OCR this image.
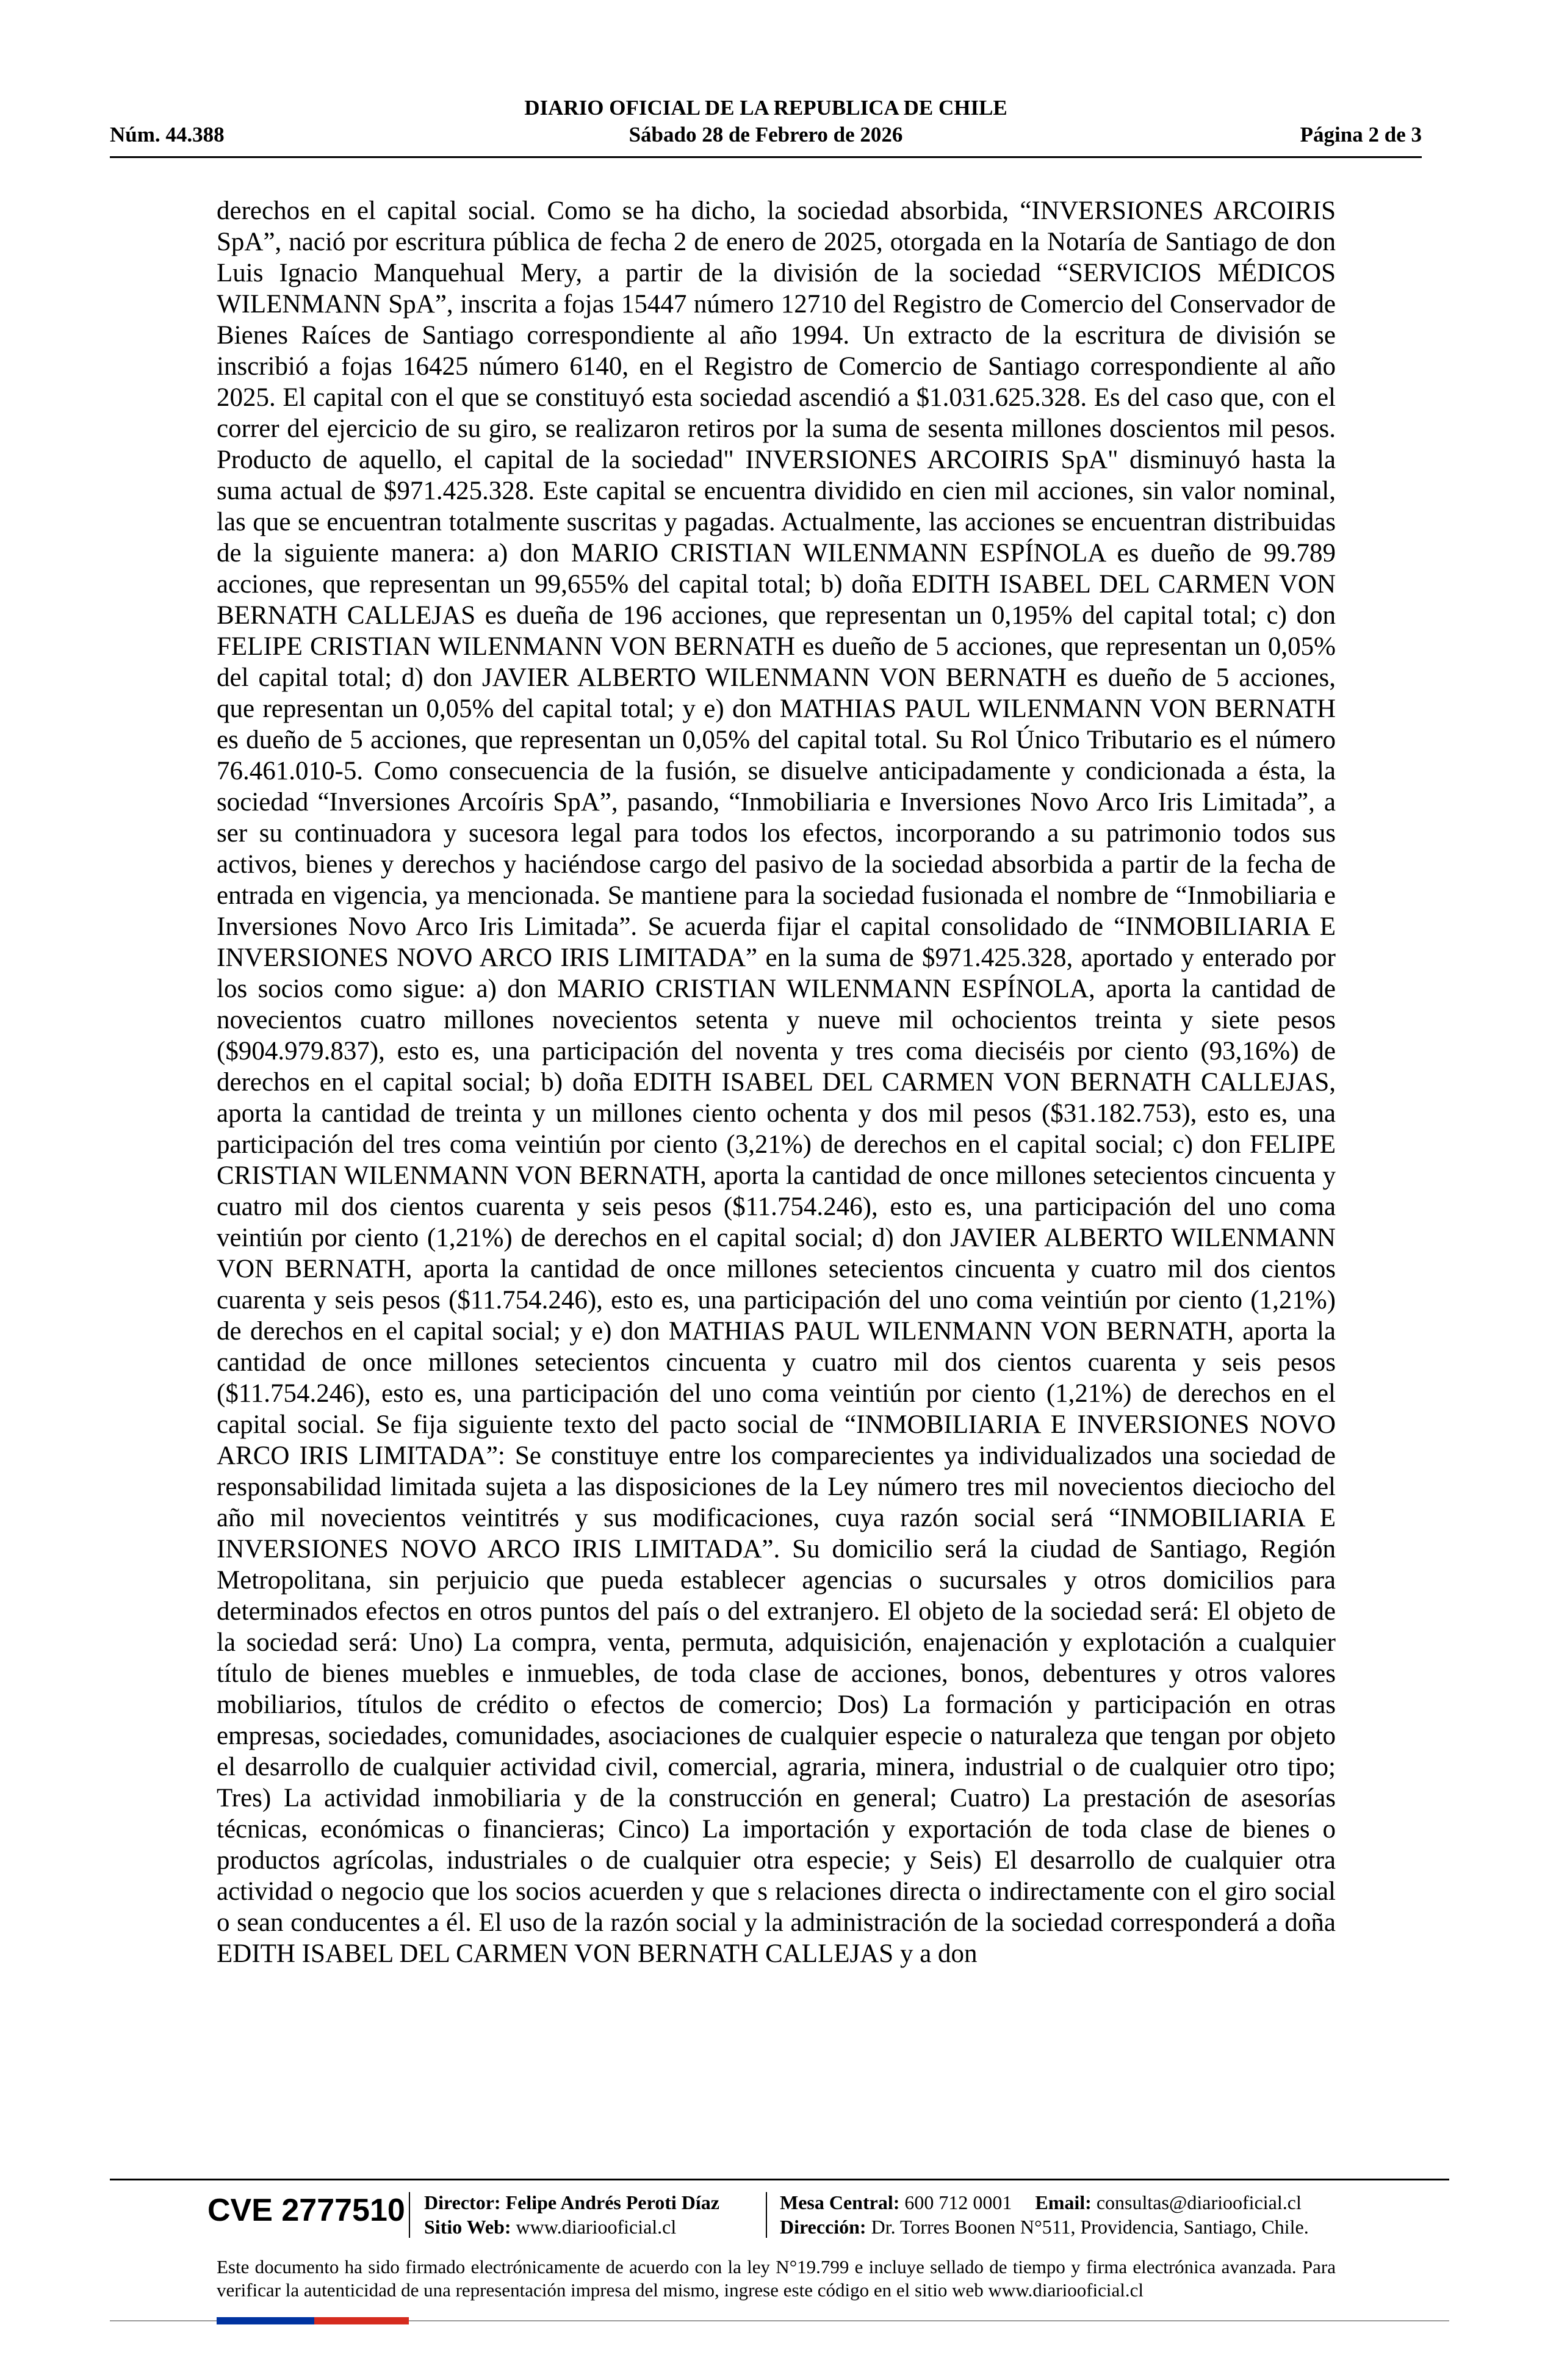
DIARIO OFICIAL DE LA REPUBLICA DE CHILE
Núm. 44.388	Sábado 28 de Febrero de 2026	Página 2 de 3

derechos en el capital social. Como se ha dicho, la sociedad absorbida, “INVERSIONES ARCOIRIS SpA”, nació por escritura pública de fecha 2 de enero de 2025, otorgada en la Notaría de Santiago de don Luis Ignacio Manquehual Mery, a partir de la división de la sociedad “SERVICIOS MÉDICOS WILENMANN SpA”, inscrita a fojas 15447 número 12710 del Registro de Comercio del Conservador de Bienes Raíces de Santiago correspondiente al año 1994. Un extracto de la escritura de división se inscribió a fojas 16425 número 6140, en el Registro de Comercio de Santiago correspondiente al año 2025. El capital con el que se constituyó esta sociedad ascendió a $1.031.625.328. Es del caso que, con el correr del ejercicio de su giro, se realizaron retiros por la suma de sesenta millones doscientos mil pesos. Producto de aquello, el capital de la sociedad" INVERSIONES ARCOIRIS SpA" disminuyó hasta la suma actual de $971.425.328. Este capital se encuentra dividido en cien mil acciones, sin valor nominal, las que se encuentran totalmente suscritas y pagadas. Actualmente, las acciones se encuentran distribuidas de la siguiente manera: a) don MARIO CRISTIAN WILENMANN ESPÍNOLA es dueño de 99.789 acciones, que representan un 99,655% del capital total; b) doña EDITH ISABEL DEL CARMEN VON BERNATH CALLEJAS es dueña de 196 acciones, que representan un 0,195% del capital total; c) don FELIPE CRISTIAN WILENMANN VON BERNATH es dueño de 5 acciones, que representan un 0,05% del capital total; d) don JAVIER ALBERTO WILENMANN VON BERNATH es dueño de 5 acciones, que representan un 0,05% del capital total; y e) don MATHIAS PAUL WILENMANN VON BERNATH es dueño de 5 acciones, que representan un 0,05% del capital total. Su Rol Único Tributario es el número 76.461.010-5. Como consecuencia de la fusión, se disuelve anticipadamente y condicionada a ésta, la sociedad “Inversiones Arcoíris SpA”, pasando, “Inmobiliaria e Inversiones Novo Arco Iris Limitada”, a ser su continuadora y sucesora legal para todos los efectos, incorporando a su patrimonio todos sus activos, bienes y derechos y haciéndose cargo del pasivo de la sociedad absorbida a partir de la fecha de entrada en vigencia, ya mencionada. Se mantiene para la sociedad fusionada el nombre de “Inmobiliaria e Inversiones Novo Arco Iris Limitada”. Se acuerda fijar el capital consolidado de “INMOBILIARIA E INVERSIONES NOVO ARCO IRIS LIMITADA” en la suma de $971.425.328, aportado y enterado por los socios como sigue: a) don MARIO CRISTIAN WILENMANN ESPÍNOLA, aporta la cantidad de novecientos cuatro millones novecientos setenta y nueve mil ochocientos treinta y siete pesos ($904.979.837), esto es, una participación del noventa y tres coma dieciséis por ciento (93,16%) de derechos en el capital social; b) doña EDITH ISABEL DEL CARMEN VON BERNATH CALLEJAS, aporta la cantidad de treinta y un millones ciento ochenta y dos mil pesos ($31.182.753), esto es, una participación del tres coma veintiún por ciento (3,21%) de derechos en el capital social; c) don FELIPE CRISTIAN WILENMANN VON BERNATH, aporta la cantidad de once millones setecientos cincuenta y cuatro mil dos cientos cuarenta y seis pesos ($11.754.246), esto es, una participación del uno coma veintiún por ciento (1,21%) de derechos en el capital social; d) don JAVIER ALBERTO WILENMANN VON BERNATH, aporta la cantidad de once millones setecientos cincuenta y cuatro mil dos cientos cuarenta y seis pesos ($11.754.246), esto es, una participación del uno coma veintiún por ciento (1,21%) de derechos en el capital social; y e) don MATHIAS PAUL WILENMANN VON BERNATH, aporta la cantidad de once millones setecientos cincuenta y cuatro mil dos cientos cuarenta y seis pesos ($11.754.246), esto es, una participación del uno coma veintiún por ciento (1,21%) de derechos en el capital social. Se fija siguiente texto del pacto social de “INMOBILIARIA E INVERSIONES NOVO ARCO IRIS LIMITADA”: Se constituye entre los comparecientes ya individualizados una sociedad de responsabilidad limitada sujeta a las disposiciones de la Ley número tres mil novecientos dieciocho del año mil novecientos veintitrés y sus modificaciones, cuya razón social será “INMOBILIARIA E INVERSIONES NOVO ARCO IRIS LIMITADA”. Su domicilio será la ciudad de Santiago, Región Metropolitana, sin perjuicio que pueda establecer agencias o sucursales y otros domicilios para determinados efectos en otros puntos del país o del extranjero. El objeto de la sociedad será: El objeto de la sociedad será: Uno) La compra, venta, permuta, adquisición, enajenación y explotación a cualquier título de bienes muebles e inmuebles, de toda clase de acciones, bonos, debentures y otros valores mobiliarios, títulos de crédito o efectos de comercio; Dos) La formación y participación en otras empresas, sociedades, comunidades, asociaciones de cualquier especie o naturaleza que tengan por objeto el desarrollo de cualquier actividad civil, comercial, agraria, minera, industrial o de cualquier otro tipo; Tres) La actividad inmobiliaria y de la construcción en general; Cuatro) La prestación de asesorías técnicas, económicas o financieras; Cinco) La importación y exportación de toda clase de bienes o productos agrícolas, industriales o de cualquier otra especie; y Seis) El desarrollo de cualquier otra actividad o negocio que los socios acuerden y que s relaciones directa o indirectamente con el giro social o sean conducentes a él. El uso de la razón social y la administración de la sociedad corresponderá a doña EDITH ISABEL DEL CARMEN VON BERNATH CALLEJAS y a don

CVE 2777510 Director: Felipe Andrés Peroti Díaz
Sitio Web: www.diariooficial.cl
Mesa Central: 600 712 0001 Email: consultas@diariooficial.cl
Dirección: Dr. Torres Boonen N°511, Providencia, Santiago, Chile.
Este documento ha sido firmado electrónicamente de acuerdo con la ley N°19.799 e incluye sellado de tiempo y firma electrónica avanzada. Para verificar la autenticidad de una representación impresa del mismo, ingrese este código en el sitio web www.diariooficial.cl
